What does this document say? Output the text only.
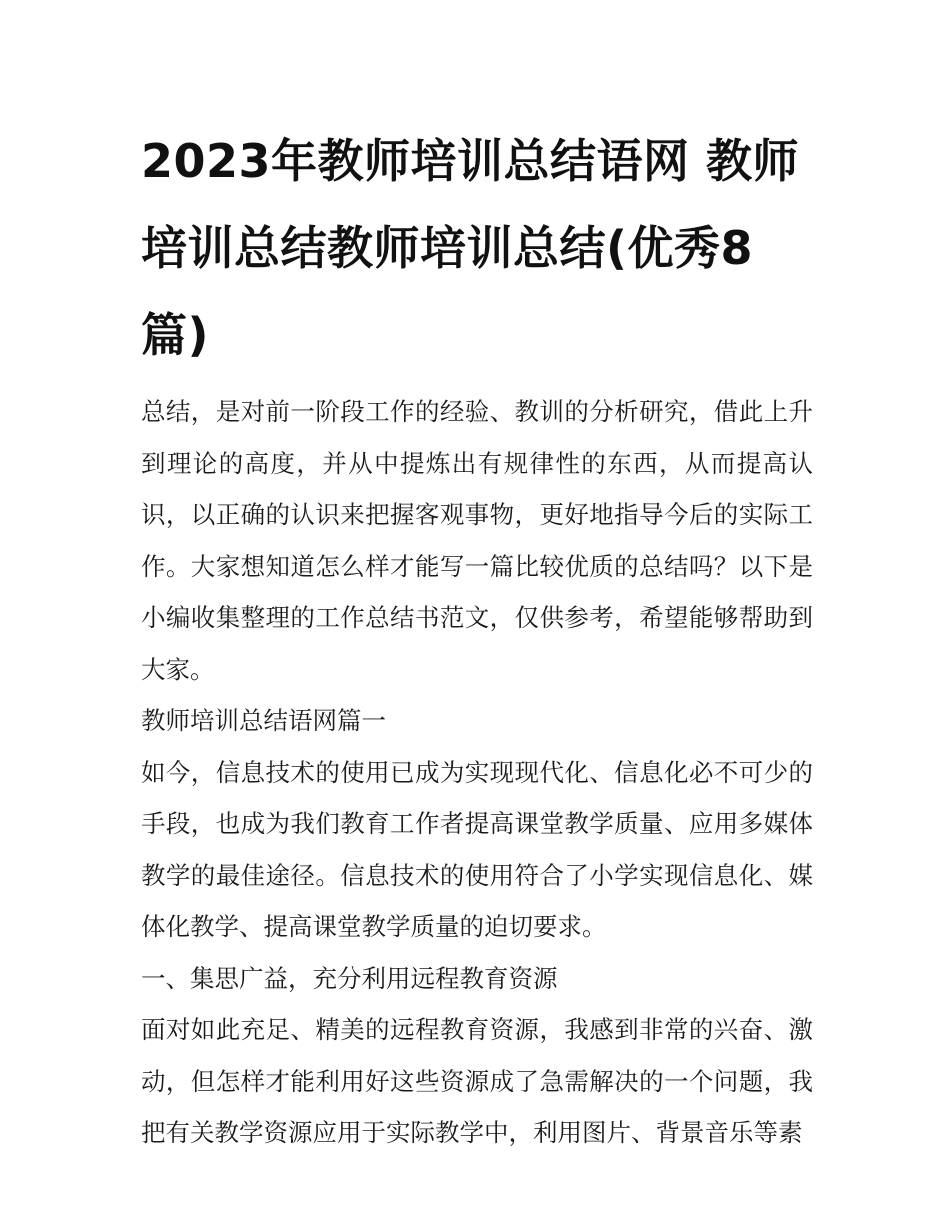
2023年教师培训总结语网 教师培训总结教师培训总结(优秀8篇)

总结，是对前一阶段工作的经验、教训的分析研究，借此上升到理论的高度，并从中提炼出有规律性的东西，从而提高认识，以正确的认识来把握客观事物，更好地指导今后的实际工作。大家想知道怎么样才能写一篇比较优质的总结吗？以下是小编收集整理的工作总结书范文，仅供参考，希望能够帮助到大家。

教师培训总结语网篇一

如今，信息技术的使用已成为实现现代化、信息化必不可少的手段，也成为我们教育工作者提高课堂教学质量、应用多媒体教学的最佳途径。信息技术的使用符合了小学实现信息化、媒体化教学、提高课堂教学质量的迫切要求。

一、集思广益，充分利用远程教育资源

面对如此充足、精美的远程教育资源，我感到非常的兴奋、激动，但怎样才能利用好这些资源成了急需解决的一个问题，我把有关教学资源应用于实际教学中，利用图片、背景音乐等素
